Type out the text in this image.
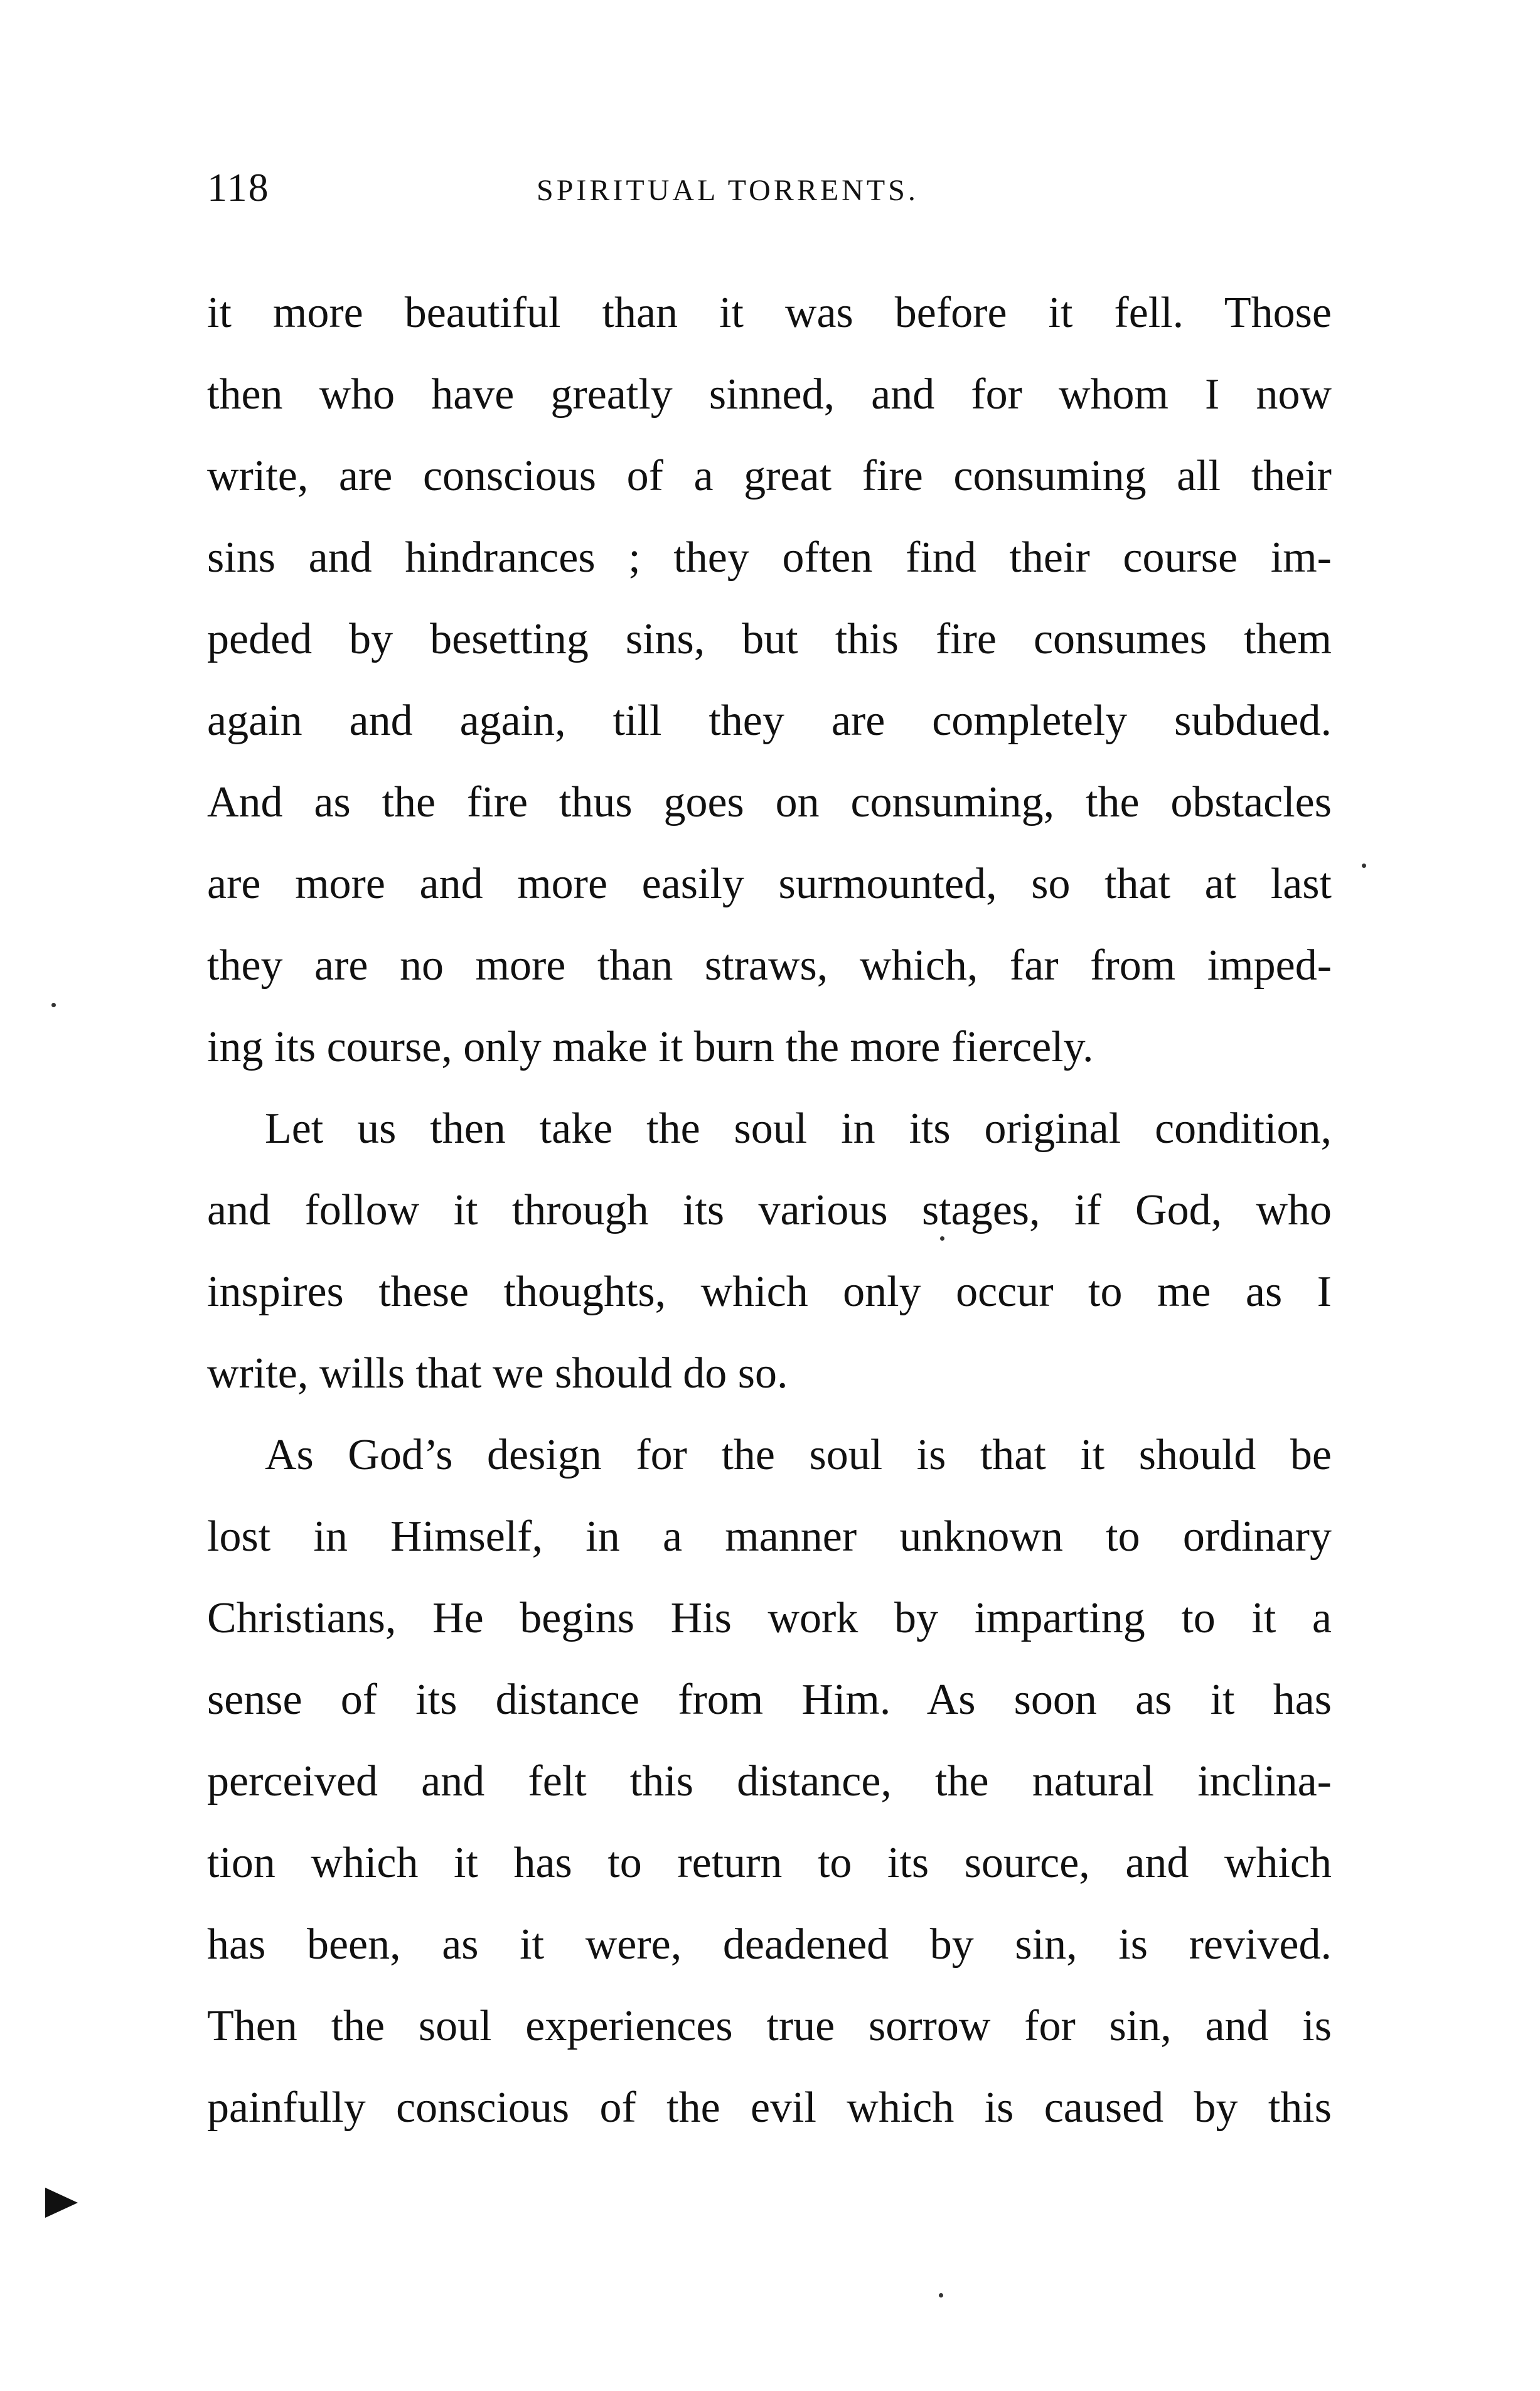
118	SPIRITUAL TORRENTS.
it more beautiful than it was before it fell. Those
then who have greatly sinned, and for whom I now
write, are conscious of a great fire consuming all their
sins and hindrances ; they often find their course im-
peded by besetting sins, but this fire consumes them
again and again, till they are completely subdued.
And as the fire thus goes on consuming, the obstacles
are more and more easily surmounted, so that at last
they are no more than straws, which, far from imped-
ing its course, only make it burn the more fiercely.
Let us then take the soul in its original condition,
and follow it through its various stages, if God, who
inspires these thoughts, which only occur to me as I
write, wills that we should do so.
As God’s design for the soul is that it should be
lost in Himself, in a manner unknown to ordinary
Christians, He begins His work by imparting to it a
sense of its distance from Him. As soon as it has
perceived and felt this distance, the natural inclina-
tion which it has to return to its source, and which
has been, as it were, deadened by sin, is revived.
Then the soul experiences true sorrow for sin, and is
painfully conscious of the evil which is caused by this
